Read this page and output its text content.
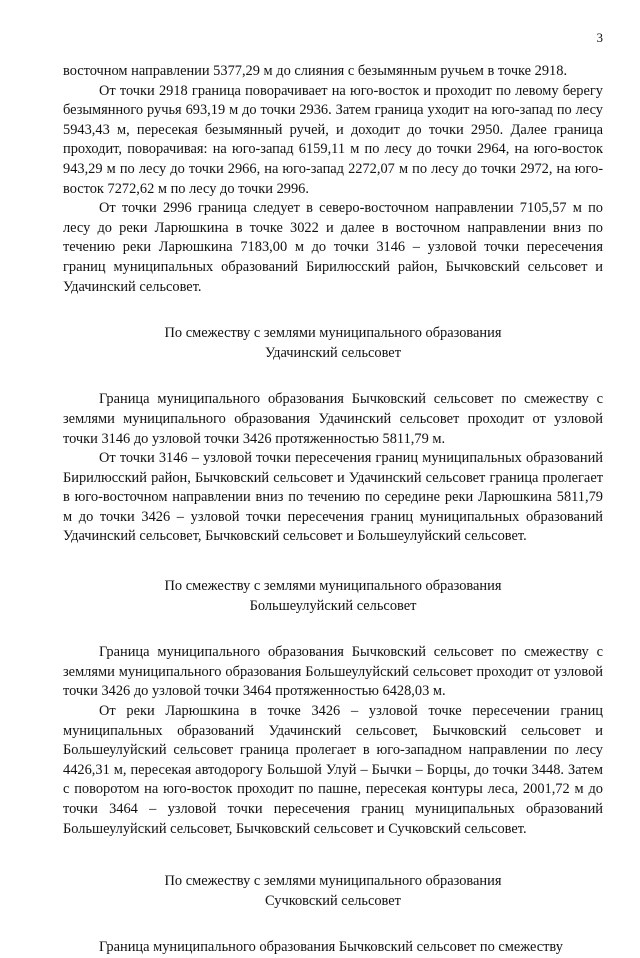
3

восточном направлении 5377,29 м до слияния с безымянным ручьем в точке 2918.

От точки 2918 граница поворачивает на юго-восток и проходит по левому берегу безымянного ручья 693,19 м до точки 2936. Затем граница уходит на юго-запад по лесу 5943,43 м, пересекая безымянный ручей, и доходит до точки 2950. Далее граница проходит, поворачивая: на юго-запад 6159,11 м по лесу до точки 2964, на юго-восток 943,29 м по лесу до точки 2966, на юго-запад 2272,07 м по лесу до точки 2972, на юго-восток 7272,62 м по лесу до точки 2996.

От точки 2996 граница следует в северо-восточном направлении 7105,57 м по лесу до реки Ларюшкина в точке 3022 и далее в восточном направлении вниз по течению реки Ларюшкина 7183,00 м до точки 3146 – узловой точки пересечения границ муниципальных образований Бирилюсский район, Бычковский сельсовет и Удачинский сельсовет.

По смежеству с землями муниципального образования
Удачинский сельсовет

Граница муниципального образования Бычковский сельсовет по смежеству с землями муниципального образования Удачинский сельсовет проходит от узловой точки 3146 до узловой точки 3426 протяженностью 5811,79 м.

От точки 3146 – узловой точки пересечения границ муниципальных образований Бирилюсский район, Бычковский сельсовет и Удачинский сельсовет граница пролегает в юго-восточном направлении вниз по течению по середине реки Ларюшкина 5811,79 м до точки 3426 – узловой точки пересечения границ муниципальных образований Удачинский сельсовет, Бычковский сельсовет и Большеулуйский сельсовет.

По смежеству с землями муниципального образования
Большеулуйский сельсовет

Граница муниципального образования Бычковский сельсовет по смежеству с землями муниципального образования Большеулуйский сельсовет проходит от узловой точки 3426 до узловой точки 3464 протяженностью 6428,03 м.

От реки Ларюшкина в точке 3426 – узловой точке пересечении границ муниципальных образований Удачинский сельсовет, Бычковский сельсовет и Большеулуйский сельсовет граница пролегает в юго-западном направлении по лесу 4426,31 м, пересекая автодорогу Большой Улуй – Бычки – Борцы, до точки 3448. Затем с поворотом на юго-восток проходит по пашне, пересекая контуры леса, 2001,72 м до точки 3464 – узловой точки пересечения границ муниципальных образований Большеулуйский сельсовет, Бычковский сельсовет и Сучковский сельсовет.

По смежеству с землями муниципального образования
Сучковский сельсовет

Граница муниципального образования Бычковский сельсовет по смежеству
